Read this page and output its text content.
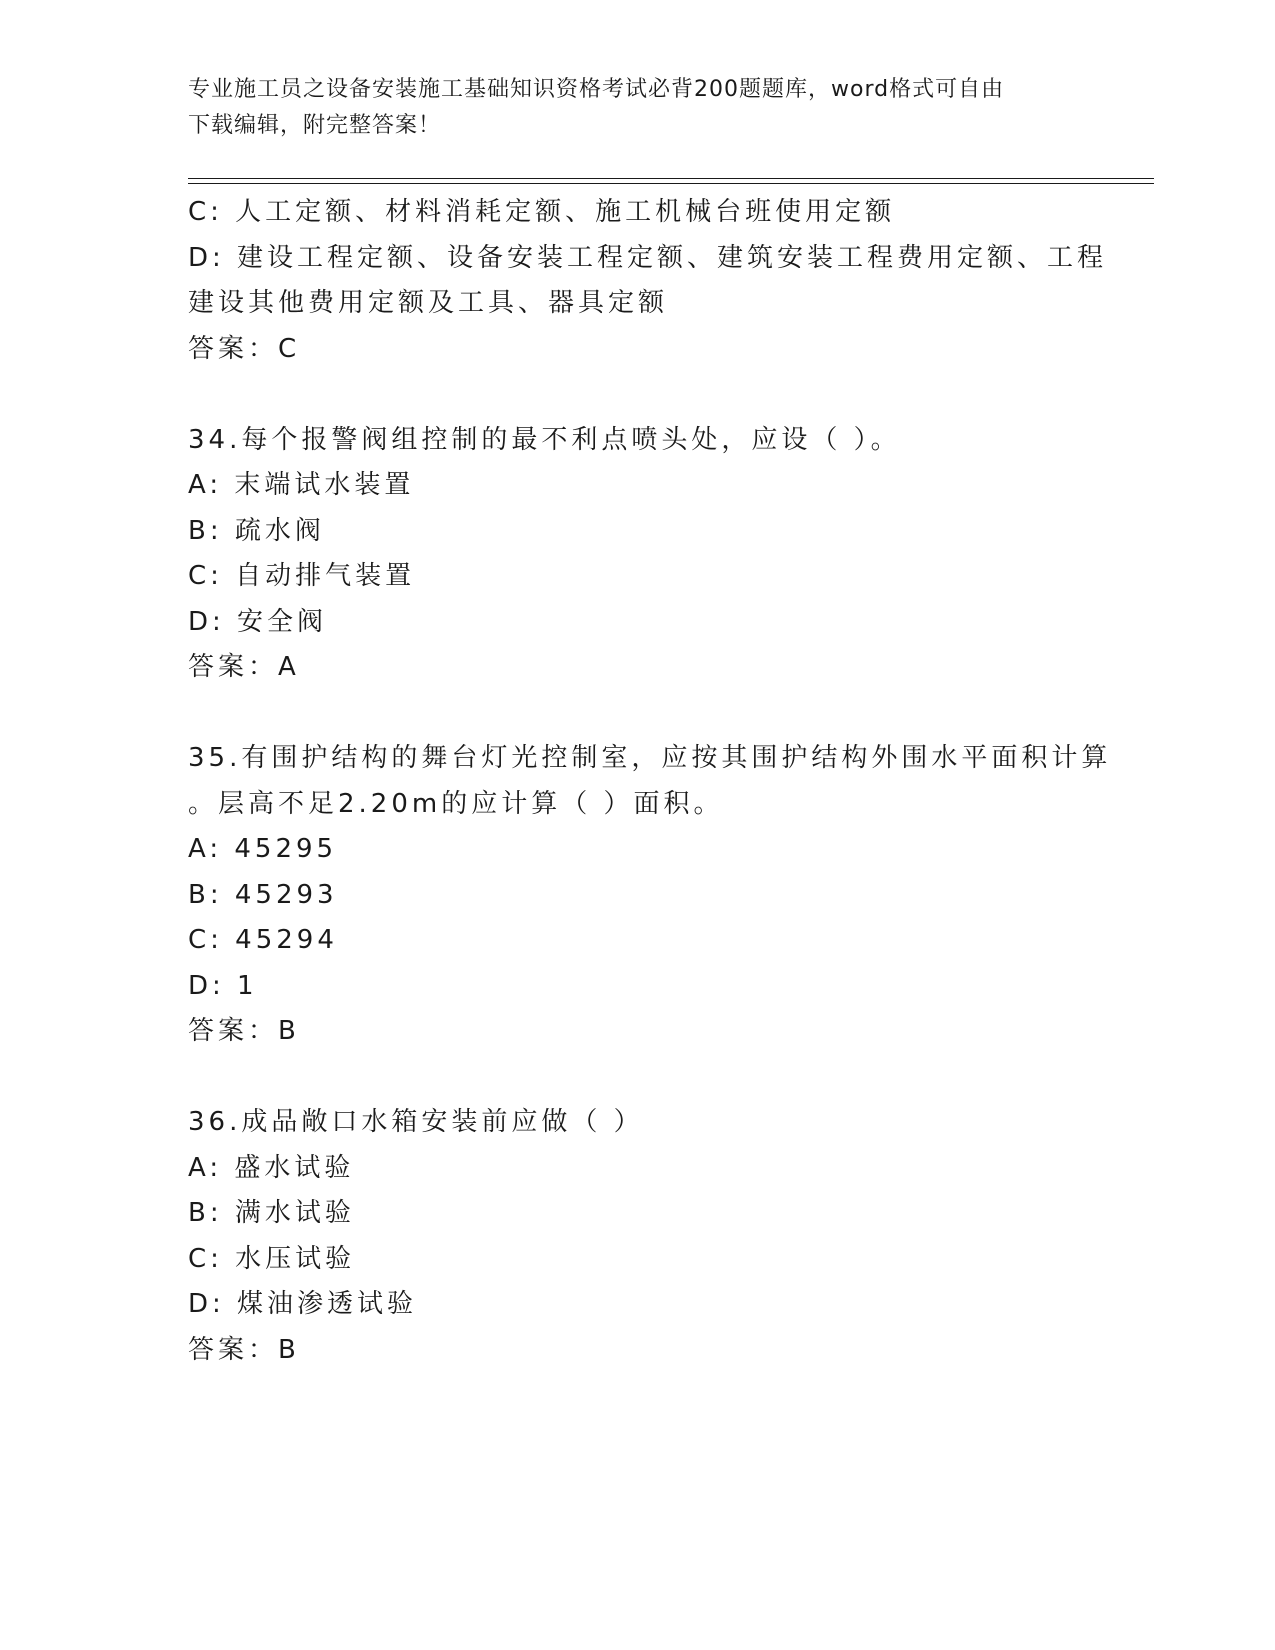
专业施工员之设备安装施工基础知识资格考试必背200题题库，word格式可自由
下载编辑，附完整答案！
C: 人工定额、材料消耗定额、施工机械台班使用定额
D: 建设工程定额、设备安装工程定额、建筑安装工程费用定额、工程
建设其他费用定额及工具、器具定额
答案：C
34.每个报警阀组控制的最不利点喷头处，应设（ ）。
A: 末端试水装置
B: 疏水阀
C: 自动排气装置
D: 安全阀
答案：A
35.有围护结构的舞台灯光控制室，应按其围护结构外围水平面积计算
。层高不足2.20m的应计算（ ）面积。
A: 45295
B: 45293
C: 45294
D: 1
答案：B
36.成品敞口水箱安装前应做（ ）
A: 盛水试验
B: 满水试验
C: 水压试验
D: 煤油渗透试验
答案：B
